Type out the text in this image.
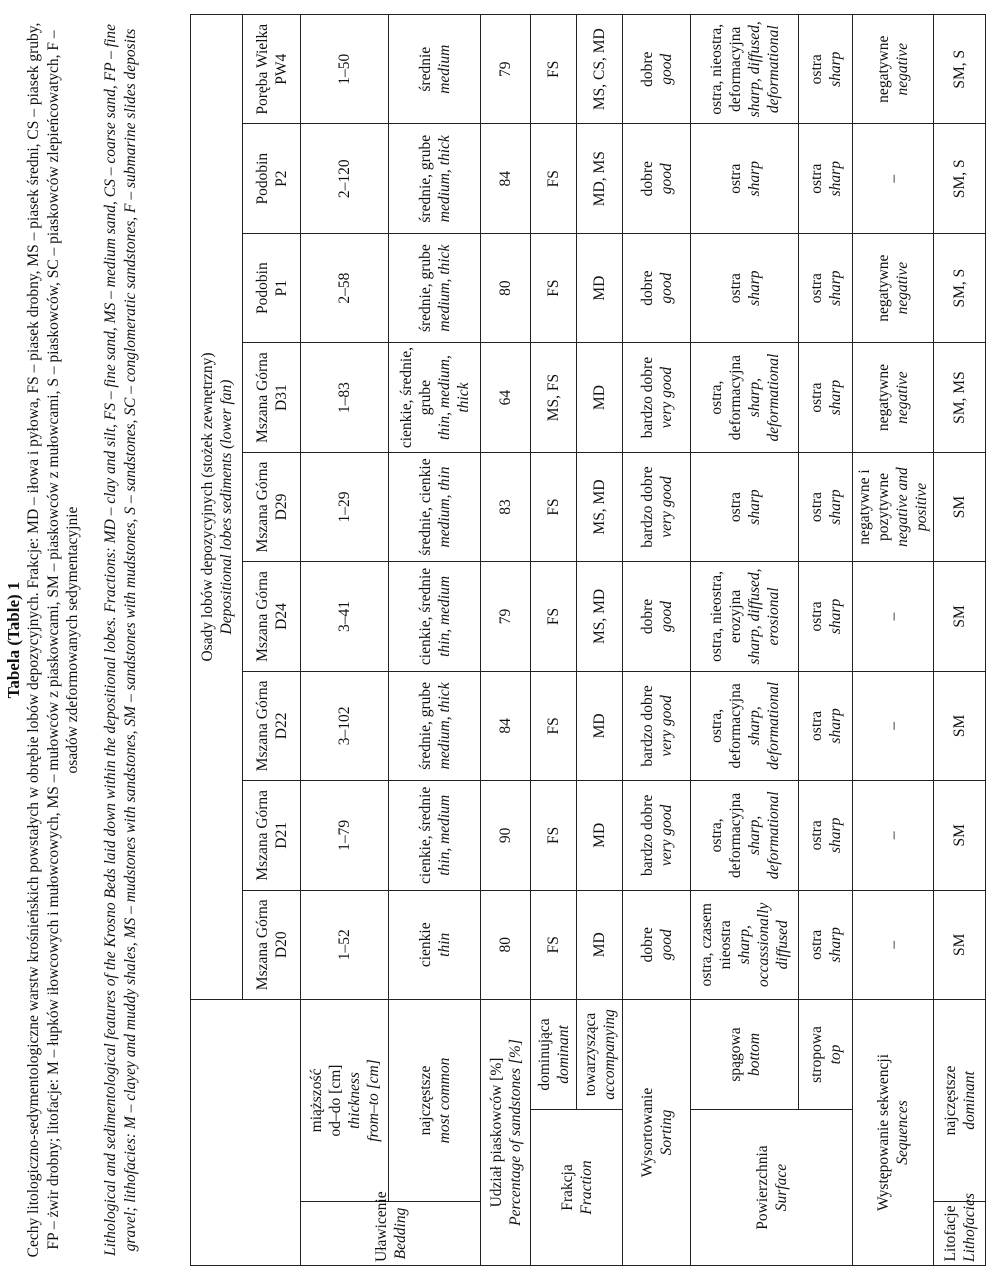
Tabela (Table) 1 Cechy litologiczno-sedymentologiczne warstw krośnieńskich powstałych w obrębie lobów depozycyjnych. Frakcje: MD – iłowa i pyłowa, FS – piasek drobny, MS – piasek średni, CS – piasek gruby, FP – żwir drobny; litofacje: M – łupków iłowcowych i mułowcowych, MS – mułowców z piaskowcami, SM – piaskowców z mułowcami, S – piaskowców, SC – piaskowców zlepieńcowatych, F – osadów zdeformowanych sedymentacyjnie Lithological and sedimentological features of the Krosno Beds laid down within the depositional lobes. Fractions: MD – clay and silt, FS – fine sand, MS – medium sand, CS – coarse sand, FP – fine gravel; lithofacies: M – clayey and muddy shales, MS – mudstones with sandstones, SM – sandstones with mudstones, S – sandstones, SC – conglomeratic sandstones, F – submarine slides deposits

			Osady lobów depozycyjnych (stożek zewnętrzny) Depositional lobes sediments (lower fan)								

			Mszana Górna D20	Mszana Górna D21	Mszana Górna D22	Mszana Górna D24	Mszana Górna D29	Mszana Górna D31	Podobin P1	Podobin P2	Poręba Wielka PW4

Uławicenie Bedding	miąższość od–do [cm] thickness from–to [cm]		1–52	1–79	3–102	3–41	1–29	1–83	2–58	2–120	1–50

	najczęstsze most common		cienkie thin	cienkie, średnie thin, medium	średnie, grube medium, thick	cienkie, średnie thin, medium	średnie, cienkie medium, thin	cienkie, średnie, grube thin, medium, thick	średnie, grube medium, thick	średnie, grube medium, thick	średnie medium

Udział piaskowców [%] Percentage of sandstones [%]			80	90	84	79	83	64	80	84	79

Frakcja Fraction		dominująca dominant	FS	FS	FS	FS	FS	MS, FS	FS	FS	FS

		towarzysząca accompanying	MD	MD	MD	MS, MD	MS, MD	MD	MD	MD, MS	MS, CS, MD

Wysortowanie Sorting			dobre good	bardzo dobre very good	bardzo dobre very good	dobre good	bardzo dobre very good	bardzo dobre very good	dobre good	dobre good	dobre good

Powierzchnia Surface		spągowa bottom	ostra, czasem nieostra sharp, occassionally diffused	ostra, deformacyjna sharp, deformational	ostra, deformacyjna sharp, deformational	ostra, nieostra, erozyjna sharp, diffused, erosional	ostra sharp	ostra, deformacyjna sharp, deformational	ostra sharp	ostra sharp	ostra, nieostra, deformacyjna sharp, diffused, deformational

		stropowa top	ostra sharp	ostra sharp	ostra sharp	ostra sharp	ostra sharp	ostra sharp	ostra sharp	ostra sharp	ostra sharp

Występowanie sekwencji Sequences			–	–	–	–	negatywne i pozytywne negative and positive	negatywne negative	negatywne negative	–	negatywne negative

Litofacje Lithofacies	najczęstsze dominant		SM	SM	SM	SM	SM	SM, MS	SM, S	SM, S	SM, S
